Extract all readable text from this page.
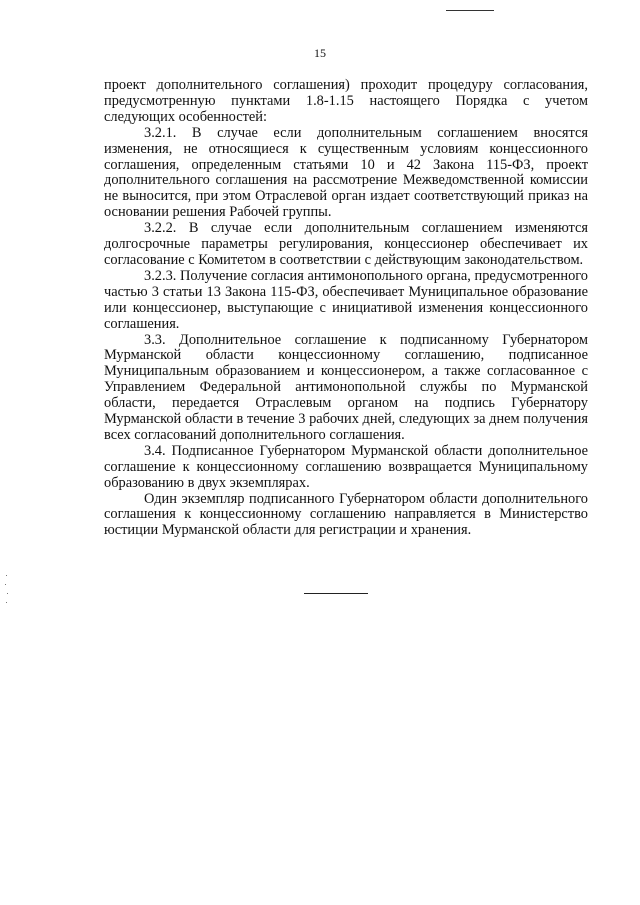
15

проект дополнительного соглашения) проходит процедуру согласования, предусмотренную пунктами 1.8-1.15 настоящего Порядка с учетом следующих особенностей:

3.2.1. В случае если дополнительным соглашением вносятся изменения, не относящиеся к существенным условиям концессионного соглашения, определенным статьями 10 и 42 Закона 115-ФЗ, проект дополнительного соглашения на рассмотрение Межведомственной комиссии не выносится, при этом Отраслевой орган издает соответствующий приказ на основании решения Рабочей группы.

3.2.2. В случае если дополнительным соглашением изменяются долгосрочные параметры регулирования, концессионер обеспечивает их согласование с Комитетом в соответствии с действующим законодательством.

3.2.3. Получение согласия антимонопольного органа, предусмотренного частью 3 статьи 13 Закона 115-ФЗ, обеспечивает Муниципальное образование или концессионер, выступающие с инициативой изменения концессионного соглашения.

3.3. Дополнительное соглашение к подписанному Губернатором Мурманской области концессионному соглашению, подписанное Муниципальным образованием и концессионером, а также согласованное с Управлением Федеральной антимонопольной службы по Мурманской области, передается Отраслевым органом на подпись Губернатору Мурманской области в течение 3 рабочих дней, следующих за днем получения всех согласований дополнительного соглашения.

3.4. Подписанное Губернатором Мурманской области дополнительное соглашение к концессионному соглашению возвращается Муниципальному образованию в двух экземплярах.

Один экземпляр подписанного Губернатором области дополнительного соглашения к концессионному соглашению направляется в Министерство юстиции Мурманской области для регистрации и хранения.
